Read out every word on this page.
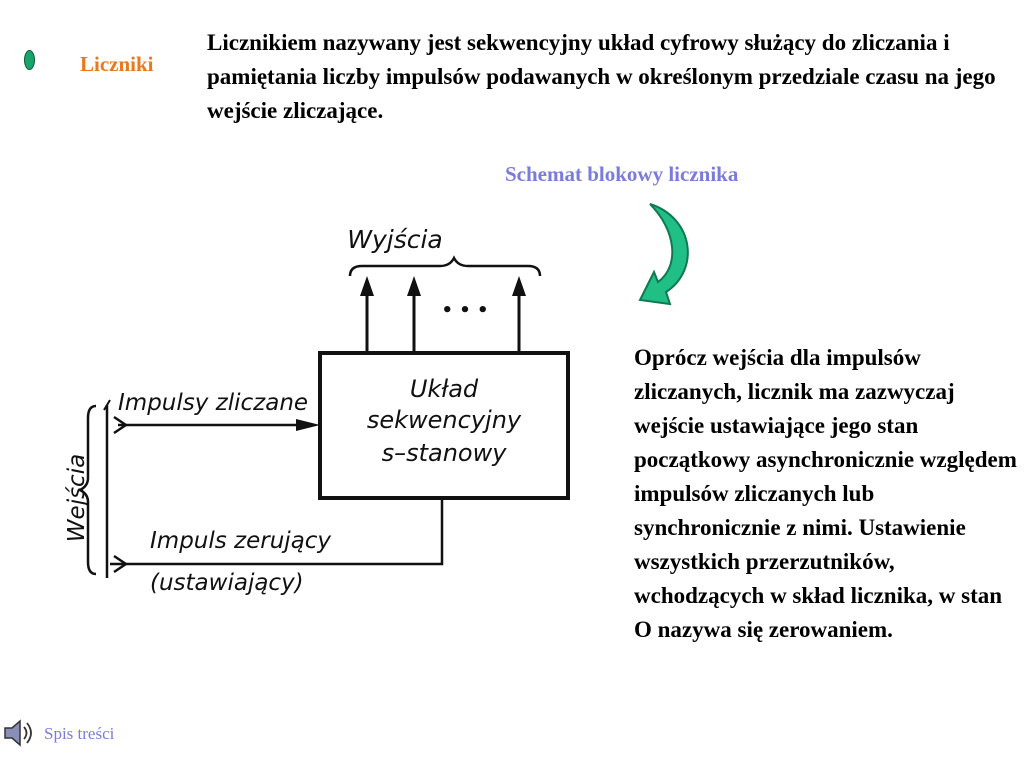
Liczniki
Licznikiem nazywany jest sekwencyjny układ cyfrowy służący do zliczania i pamiętania liczby impulsów podawanych w określonym przedziale czasu na jego wejście zliczające.
Schemat blokowy licznika
Wyjścia
• • •
Układ
sekwencyjny
s–stanowy
Impulsy zliczane
Wejścia	Impuls zerujący
(ustawiający)
Oprócz wejścia dla impulsów zliczanych, licznik ma zazwyczaj wejście ustawiające jego stan początkowy asynchronicznie względem impulsów zliczanych lub synchronicznie z nimi. Ustawienie wszystkich przerzutników, wchodzących w skład licznika, w stan O nazywa się zerowaniem.
Spis treści
